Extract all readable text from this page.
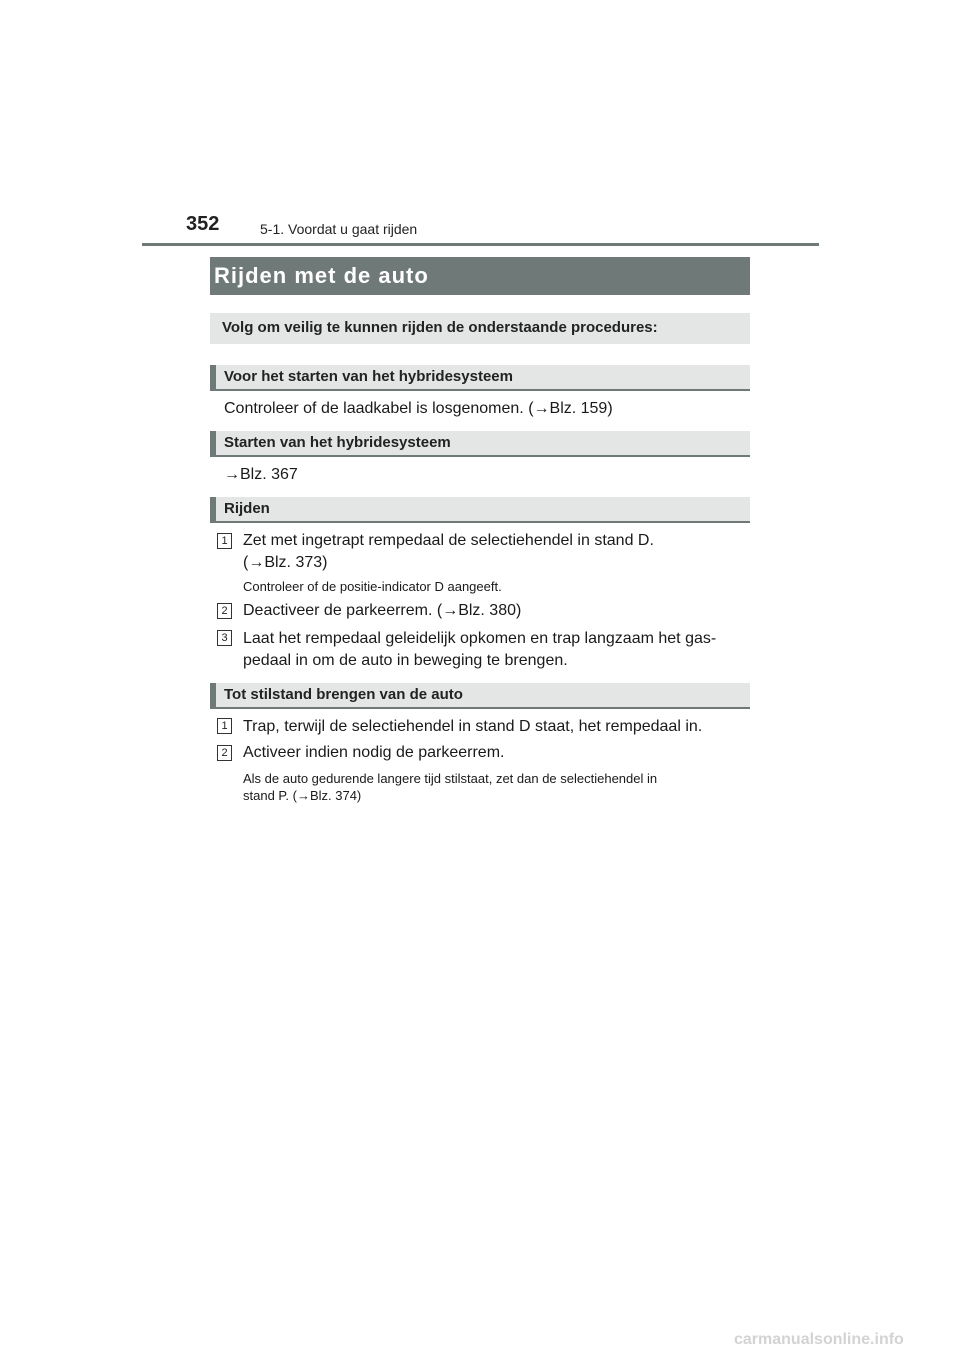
352	5-1. Voordat u gaat rijden
Rijden met de auto
Volg om veilig te kunnen rijden de onderstaande procedures:
Voor het starten van het hybridesysteem
Controleer of de laadkabel is losgenomen. (→Blz. 159)
Starten van het hybridesysteem
→Blz. 367
Rijden
1 Zet met ingetrapt rempedaal de selectiehendel in stand D.
(→Blz. 373)
Controleer of de positie-indicator D aangeeft.
2 Deactiveer de parkeerrem. (→Blz. 380)
3 Laat het rempedaal geleidelijk opkomen en trap langzaam het gas-
pedaal in om de auto in beweging te brengen.
Tot stilstand brengen van de auto
1 Trap, terwijl de selectiehendel in stand D staat, het rempedaal in.
2 Activeer indien nodig de parkeerrem.
Als de auto gedurende langere tijd stilstaat, zet dan de selectiehendel in
stand P. (→Blz. 374)
carmanualsonline.info
